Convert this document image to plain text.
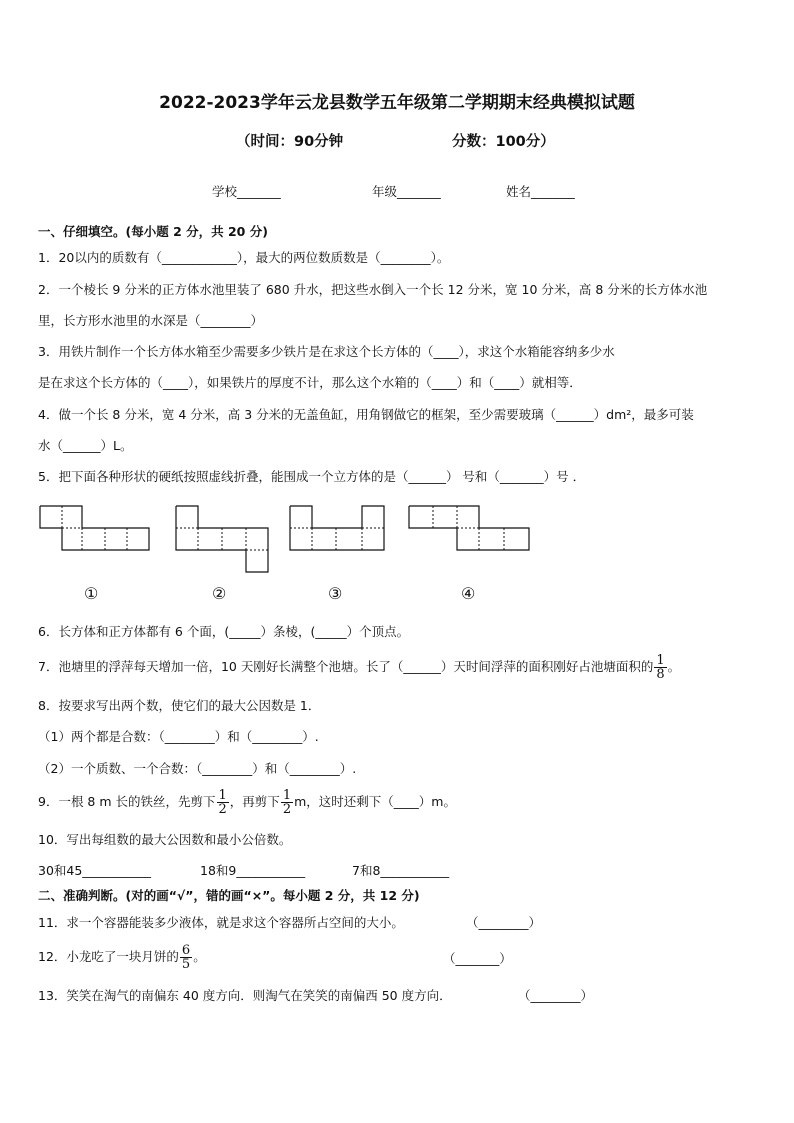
2022-2023学年云龙县数学五年级第二学期期末经典模拟试题
（时间：90分钟	分数：100分）
学校_______	年级_______	姓名_______
一、仔细填空。(每小题 2 分，共 20 分)
1．20以内的质数有（____________），最大的两位数质数是（________）。
2．一个棱长 9 分米的正方体水池里装了 680 升水，把这些水倒入一个长 12 分米，宽 10 分米，高 8 分米的长方体水池
里，长方形水池里的水深是（________）
3．用铁片制作一个长方体水箱至少需要多少铁片是在求这个长方体的（____），求这个水箱能容纳多少水
是在求这个长方体的（____），如果铁片的厚度不计，那么这个水箱的（____）和（____）就相等．
4．做一个长 8 分米，宽 4 分米，高 3 分米的无盖鱼缸，用角钢做它的框架，至少需要玻璃（______）dm²，最多可装
水（______）L。
5．把下面各种形状的硬纸按照虚线折叠，能围成一个立方体的是（______） 号和（_______）号 ．
①	②	③	④
6．长方体和正方体都有 6 个面，(_____）条棱，(_____）个顶点。
7．池塘里的浮萍每天增加一倍，10 天刚好长满整个池塘。长了（______）天时间浮萍的面积刚好占池塘面积的 $\frac{1}{8}$ 。
8．按要求写出两个数，使它们的最大公因数是 1．
（1）两个都是合数：（________）和（________）.
（2）一个质数、一个合数：（________）和（________）.
9．一根 8 m 长的铁丝，先剪下 $\frac{1}{2}$ ，再剪下 $\frac{1}{2}$ m，这时还剩下（____）m。
10．写出每组数的最大公因数和最小公倍数。
30和45___________	18和9___________	7和8___________
二、准确判断。(对的画“√”，错的画“×”。每小题 2 分，共 12 分)
11．求一个容器能装多少液体，就是求这个容器所占空间的大小。	（________）
12．小龙吃了一块月饼的 $\frac{6}{5}$ 。	（_______）
13．笑笑在淘气的南偏东 40 度方向．则淘气在笑笑的南偏西 50 度方向．	（________）
